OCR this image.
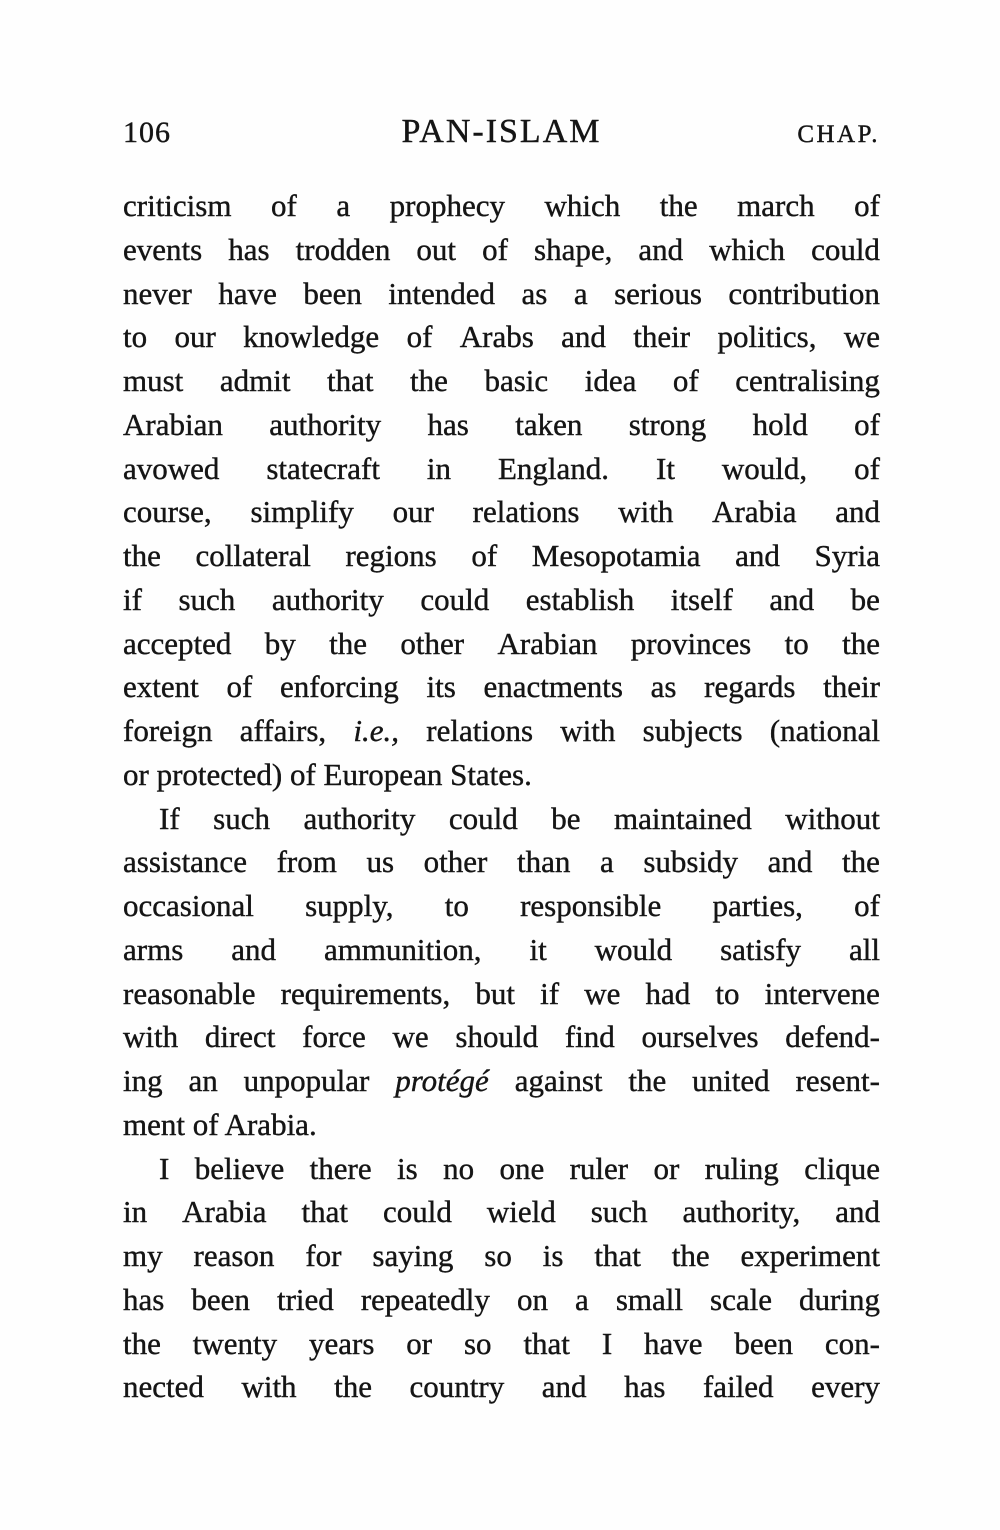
106	PAN-ISLAM	CHAP.
criticism of a prophecy which the march of
events has trodden out of shape, and which could
never have been intended as a serious contribution
to our knowledge of Arabs and their politics, we
must admit that the basic idea of centralising
Arabian authority has taken strong hold of
avowed statecraft in England. It would, of
course, simplify our relations with Arabia and
the collateral regions of Mesopotamia and Syria
if such authority could establish itself and be
accepted by the other Arabian provinces to the
extent of enforcing its enactments as regards their
foreign affairs, i.e., relations with subjects (national
or protected) of European States.
If such authority could be maintained without
assistance from us other than a subsidy and the
occasional supply, to responsible parties, of
arms and ammunition, it would satisfy all
reasonable requirements, but if we had to intervene
with direct force we should find ourselves defend-
ing an unpopular protégé against the united resent-
ment of Arabia.
I believe there is no one ruler or ruling clique
in Arabia that could wield such authority, and
my reason for saying so is that the experiment
has been tried repeatedly on a small scale during
the twenty years or so that I have been con-
nected with the country and has failed every
